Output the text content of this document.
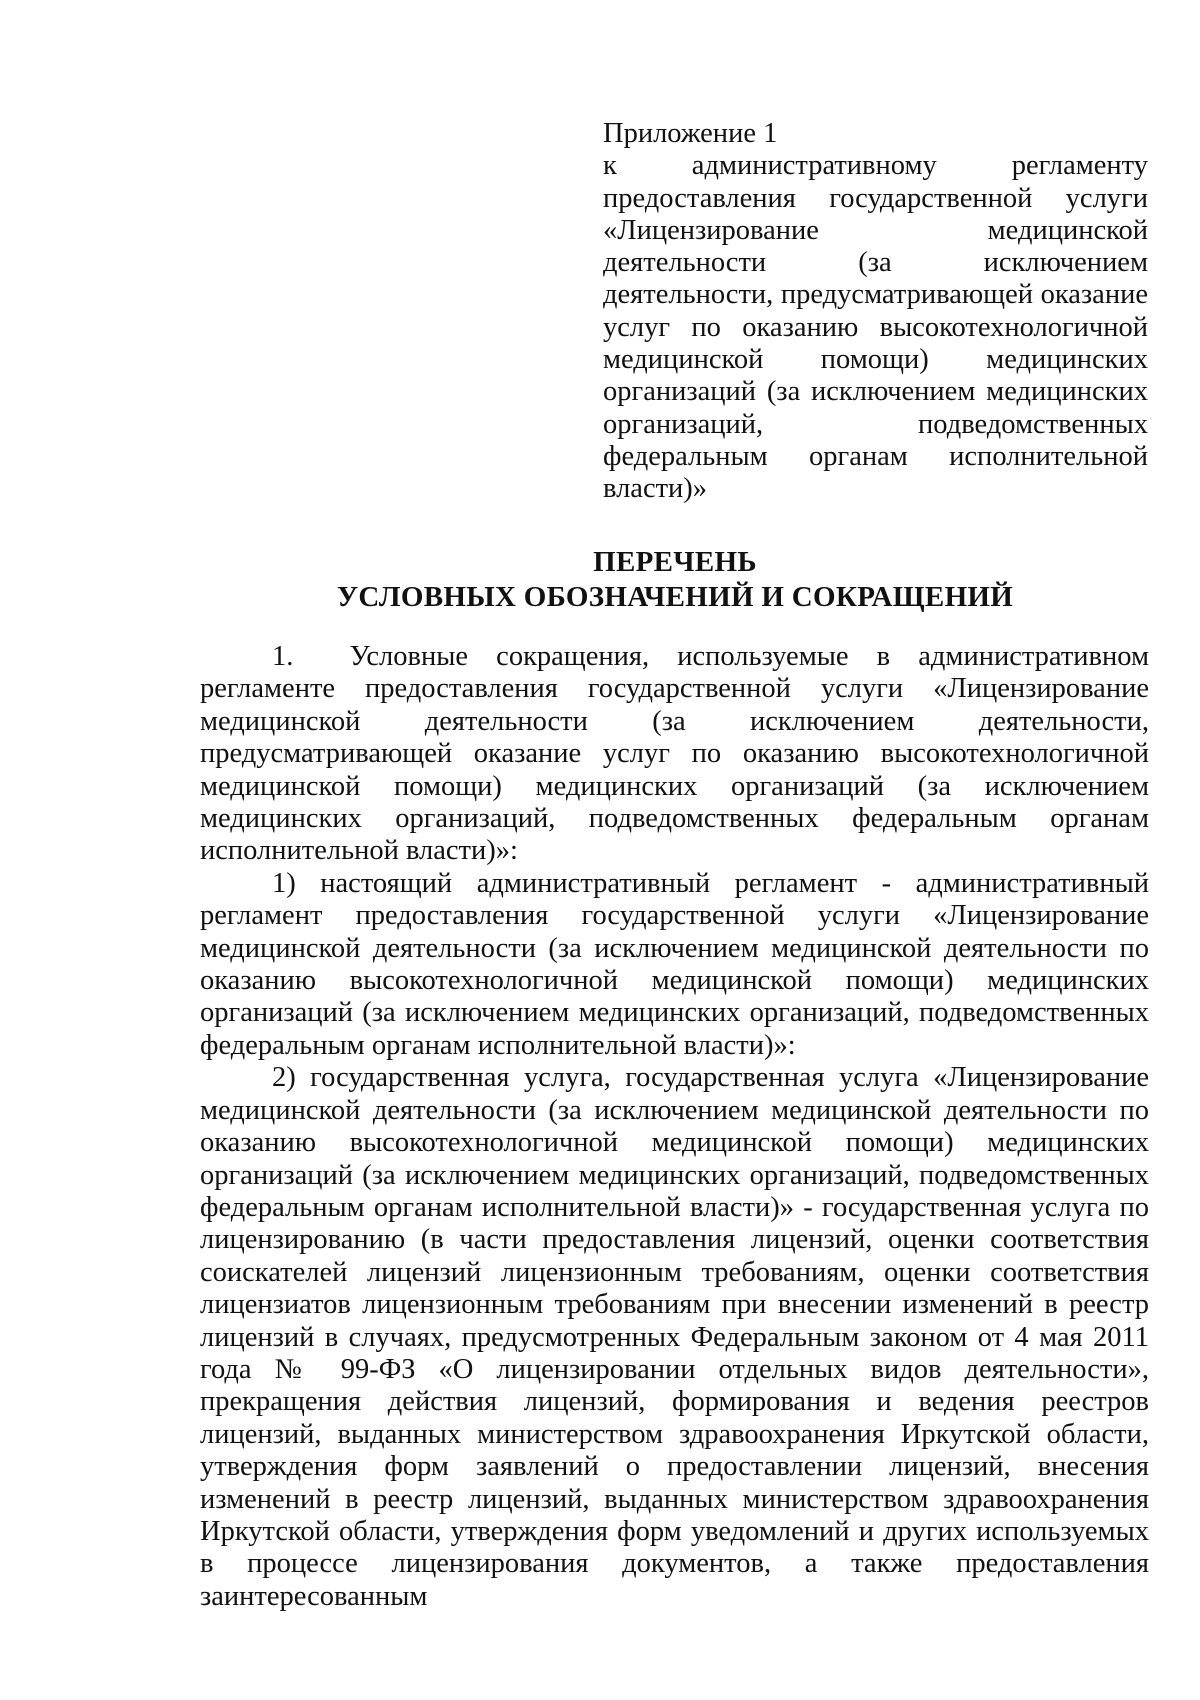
Приложение 1
к административному регламенту предоставления государственной услуги «Лицензирование медицинской деятельности (за исключением деятельности, предусматривающей оказание услуг по оказанию высокотехнологичной медицинской помощи) медицинских организаций (за исключением медицинских организаций, подведомственных федеральным органам исполнительной власти)»
ПЕРЕЧЕНЬ
УСЛОВНЫХ ОБОЗНАЧЕНИЙ И СОКРАЩЕНИЙ

1.  Условные сокращения, используемые в административном регламенте предоставления государственной услуги «Лицензирование медицинской деятельности (за исключением деятельности, предусматривающей оказание услуг по оказанию высокотехнологичной медицинской помощи) медицинских организаций (за исключением медицинских организаций, подведомственных федеральным органам исполнительной власти)»:

1) настоящий административный регламент - административный регламент предоставления государственной услуги «Лицензирование медицинской деятельности (за исключением медицинской деятельности по оказанию высокотехнологичной медицинской помощи) медицинских организаций (за исключением медицинских организаций, подведомственных федеральным органам исполнительной власти)»:

2) государственная услуга, государственная услуга «Лицензирование медицинской деятельности (за исключением медицинской деятельности по оказанию высокотехнологичной медицинской помощи) медицинских организаций (за исключением медицинских организаций, подведомственных федеральным органам исполнительной власти)» - государственная услуга по лицензированию (в части предоставления лицензий, оценки соответствия соискателей лицензий лицензионным требованиям, оценки соответствия лицензиатов лицензионным требованиям при внесении изменений в реестр лицензий в случаях, предусмотренных Федеральным законом от 4 мая 2011 года № 99-ФЗ «О лицензировании отдельных видов деятельности», прекращения действия лицензий, формирования и ведения реестров лицензий, выданных министерством здравоохранения Иркутской области, утверждения форм заявлений о предоставлении лицензий, внесения изменений в реестр лицензий, выданных министерством здравоохранения Иркутской области, утверждения форм уведомлений и других используемых в процессе лицензирования документов, а также предоставления заинтересованным
